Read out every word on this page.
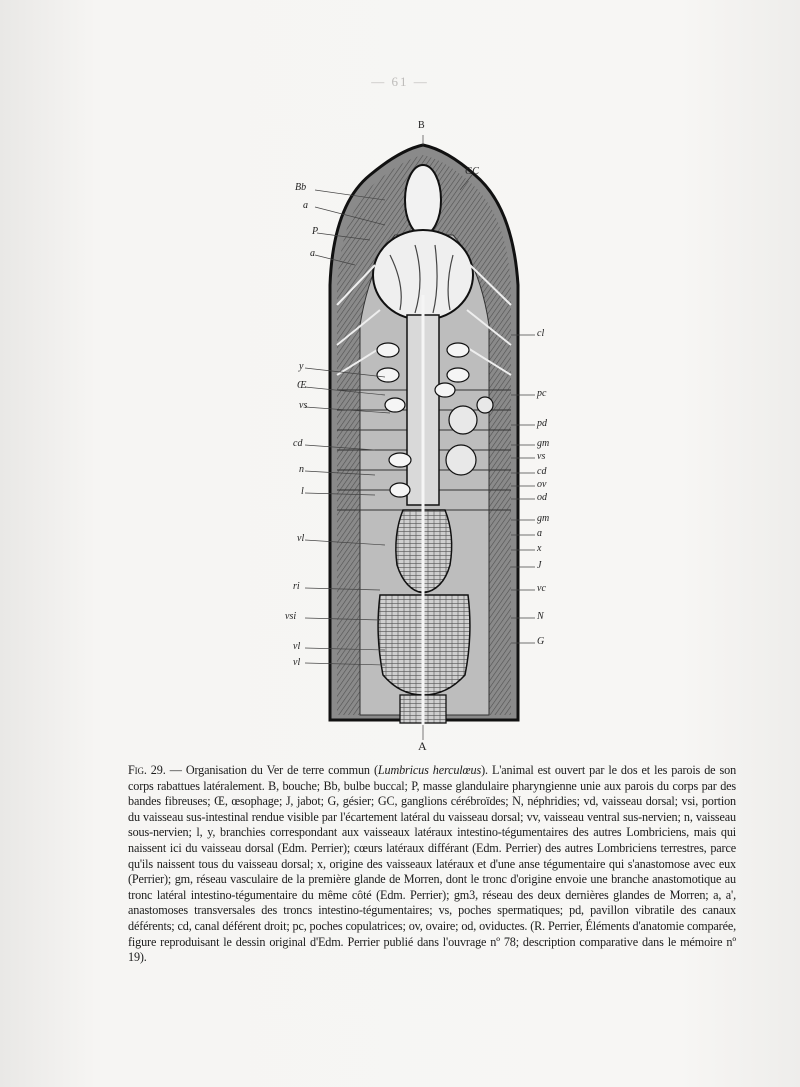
— 61 —
B
GC
Bb
a
P
a
y
Œ
vs
cd
n
l
vl
ri
vsi
vl
vl
cl
pc
pd
gm
vs
cd
ov
od
gm
ɑ
x
J
vc
N
G
A
Fig. 29. — Organisation du Ver de terre commun (Lumbricus herculœus). L'animal est ouvert par le dos et les parois de son corps rabattues latéralement. B, bouche; Bb, bulbe buccal; P, masse glandulaire pharyngienne unie aux parois du corps par des bandes fibreuses; Œ, œsophage; J, jabot; G, gésier; GC, ganglions cérébroïdes; N, néphridies; vd, vaisseau dorsal; vsi, portion du vaisseau sus-intestinal rendue visible par l'écartement latéral du vaisseau dorsal; vv, vaisseau ventral sus-nervien; n, vaisseau sous-nervien; l, y, branchies correspondant aux vaisseaux latéraux intestino-tégumentaires des autres Lombriciens, mais qui naissent ici du vaisseau dorsal (Edm. Perrier); cœurs latéraux différant (Edm. Perrier) des autres Lombriciens terrestres, parce qu'ils naissent tous du vaisseau dorsal; x, origine des vaisseaux latéraux et d'une anse tégumentaire qui s'anastomose avec eux (Perrier); gm, réseau vasculaire de la première glande de Morren, dont le tronc d'origine envoie une branche anastomotique au tronc latéral intestino-tégumentaire du même côté (Edm. Perrier); gm3, réseau des deux dernières glandes de Morren; a, a', anastomoses transversales des troncs intestino-tégumentaires; vs, poches spermatiques; pd, pavillon vibratile des canaux déférents; cd, canal déférent droit; pc, poches copulatrices; ov, ovaire; od, oviductes. (R. Perrier, Éléments d'anatomie comparée, figure reproduisant le dessin original d'Edm. Perrier publié dans l'ouvrage nº 78; description comparative dans le mémoire nº 19).
